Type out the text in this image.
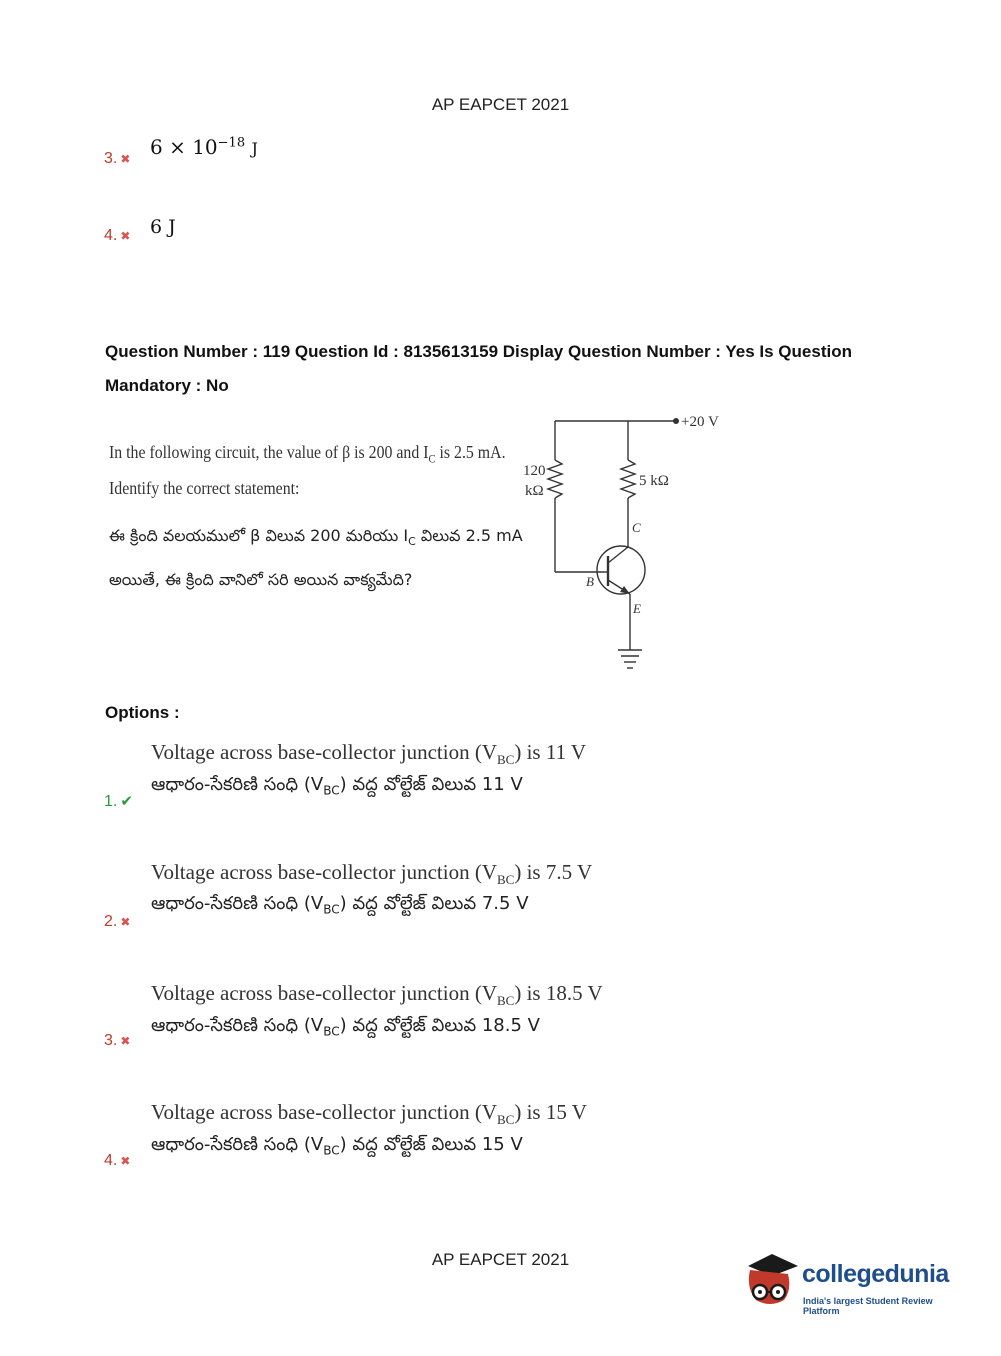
AP EAPCET 2021
3. ✖ $6 \times 10^{-18}$ J
4. ✖ 6 J
Question Number : 119 Question Id : 8135613159 Display Question Number : Yes Is Question
Mandatory : No
In the following circuit, the value of β is 200 and $I_C$ is 2.5 mA.
Identify the correct statement:
ఈ క్రింది వలయములో β విలువ 200 మరియు $I_C$ విలువ 2.5 mA
అయితే, ఈ క్రింది వానిలో సరి అయిన వాక్యమేది?
+20 V
120
kΩ
5 kΩ
C
B
E
Options :
Voltage across base-collector junction $(V_{BC})$ is 11 V
ఆధారం-సేకరిణి సంధి $(V_{BC})$ వద్ద వోల్టేజ్ విలువ 11 V
1. ✔
Voltage across base-collector junction $(V_{BC})$ is 7.5 V
ఆధారం-సేకరిణి సంధి $(V_{BC})$ వద్ద వోల్టేజ్ విలువ 7.5 V
2. ✖
Voltage across base-collector junction $(V_{BC})$ is 18.5 V
ఆధారం-సేకరిణి సంధి $(V_{BC})$ వద్ద వోల్టేజ్ విలువ 18.5 V
3. ✖
Voltage across base-collector junction $(V_{BC})$ is 15 V
ఆధారం-సేకరిణి సంధి $(V_{BC})$ వద్ద వోల్టేజ్ విలువ 15 V
4. ✖
AP EAPCET 2021
collegedunia
India's largest Student Review Platform
